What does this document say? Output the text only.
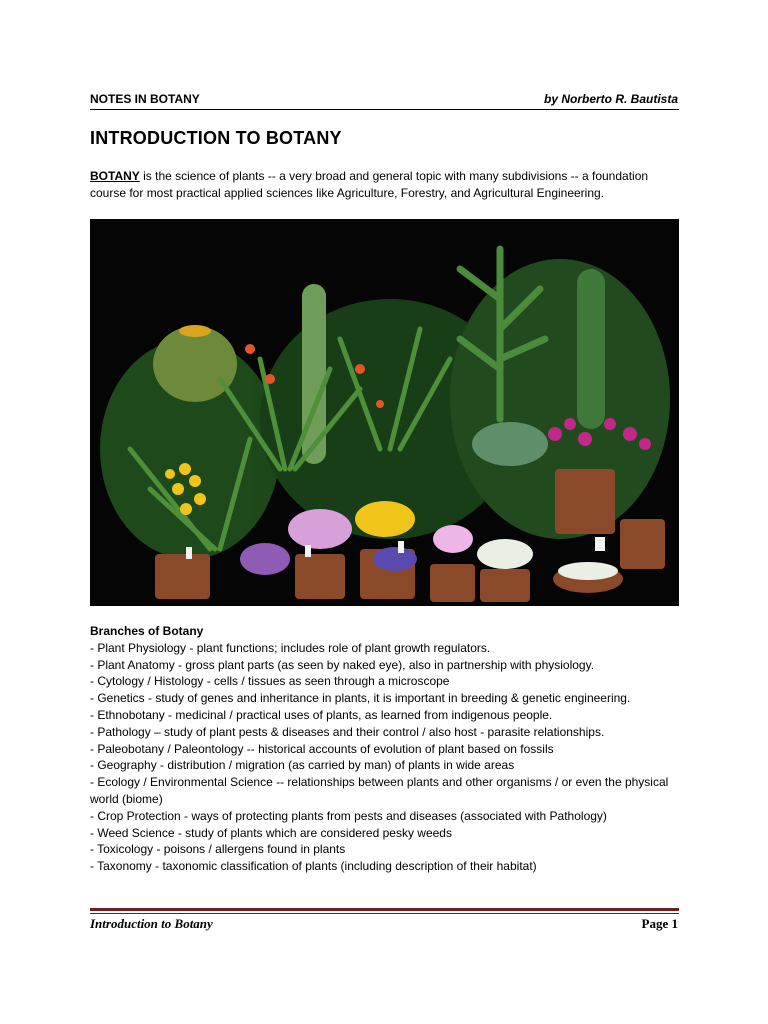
NOTES IN BOTANY	by Norberto R. Bautista
INTRODUCTION TO BOTANY
BOTANY is the science of plants -- a very broad and general topic with many subdivisions -- a foundation course for most practical applied sciences like Agriculture, Forestry, and Agricultural Engineering.
Branches of Botany

- Plant Physiology - plant functions; includes role of plant growth regulators.

- Plant Anatomy - gross plant parts (as seen by naked eye), also in partnership with physiology.

- Cytology / Histology - cells / tissues as seen through a microscope

- Genetics - study of genes and inheritance in plants, it is important in breeding & genetic engineering.

- Ethnobotany - medicinal / practical uses of plants, as learned from indigenous people.

- Pathology – study of plant pests & diseases and their control / also host - parasite relationships.

- Paleobotany / Paleontology -- historical accounts of evolution of plant based on fossils

- Geography - distribution / migration (as carried by man) of plants in wide areas

- Ecology / Environmental Science -- relationships between plants and other organisms / or even the physical world (biome)

- Crop Protection - ways of protecting plants from pests and diseases (associated with Pathology)

- Weed Science - study of plants which are considered pesky weeds

- Toxicology - poisons / allergens found in plants

- Taxonomy - taxonomic classification of plants (including description of their habitat)

Introduction to Botany	Page 1
